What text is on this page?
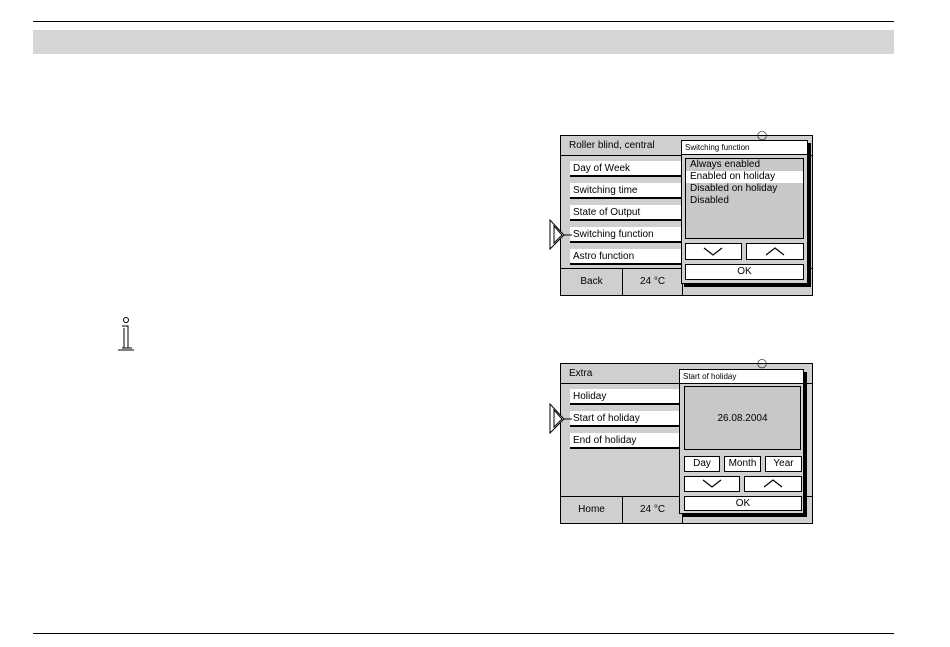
Roller blind, central
◯
Day of Week
Switching time
State of Output
Switching function
Astro function
Back	24 °C
Switching function
Always enabled
Enabled on holiday
Disabled on holiday
Disabled
OK
Extra
◯
Holiday
Start of holiday
End of holiday
Home	24 °C
Start of holiday
26.08.2004
Day	Month	Year
OK
